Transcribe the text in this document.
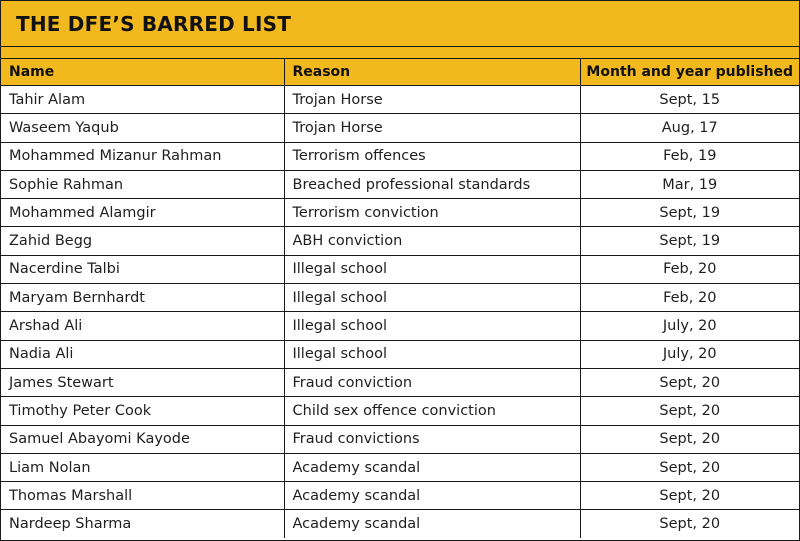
THE DFE’S BARRED LIST
Name	Reason	Month and year published
Tahir Alam	Trojan Horse	Sept, 15
Waseem Yaqub	Trojan Horse	Aug, 17
Mohammed Mizanur Rahman	Terrorism offences	Feb, 19
Sophie Rahman	Breached professional standards	Mar, 19
Mohammed Alamgir	Terrorism conviction	Sept, 19
Zahid Begg	ABH conviction	Sept, 19
Nacerdine Talbi	Illegal school	Feb, 20
Maryam Bernhardt	Illegal school	Feb, 20
Arshad Ali	Illegal school	July, 20
Nadia Ali	Illegal school	July, 20
James Stewart	Fraud conviction	Sept, 20
Timothy Peter Cook	Child sex offence conviction	Sept, 20
Samuel Abayomi Kayode	Fraud convictions	Sept, 20
Liam Nolan	Academy scandal	Sept, 20
Thomas Marshall	Academy scandal	Sept, 20
Nardeep Sharma	Academy scandal	Sept, 20
